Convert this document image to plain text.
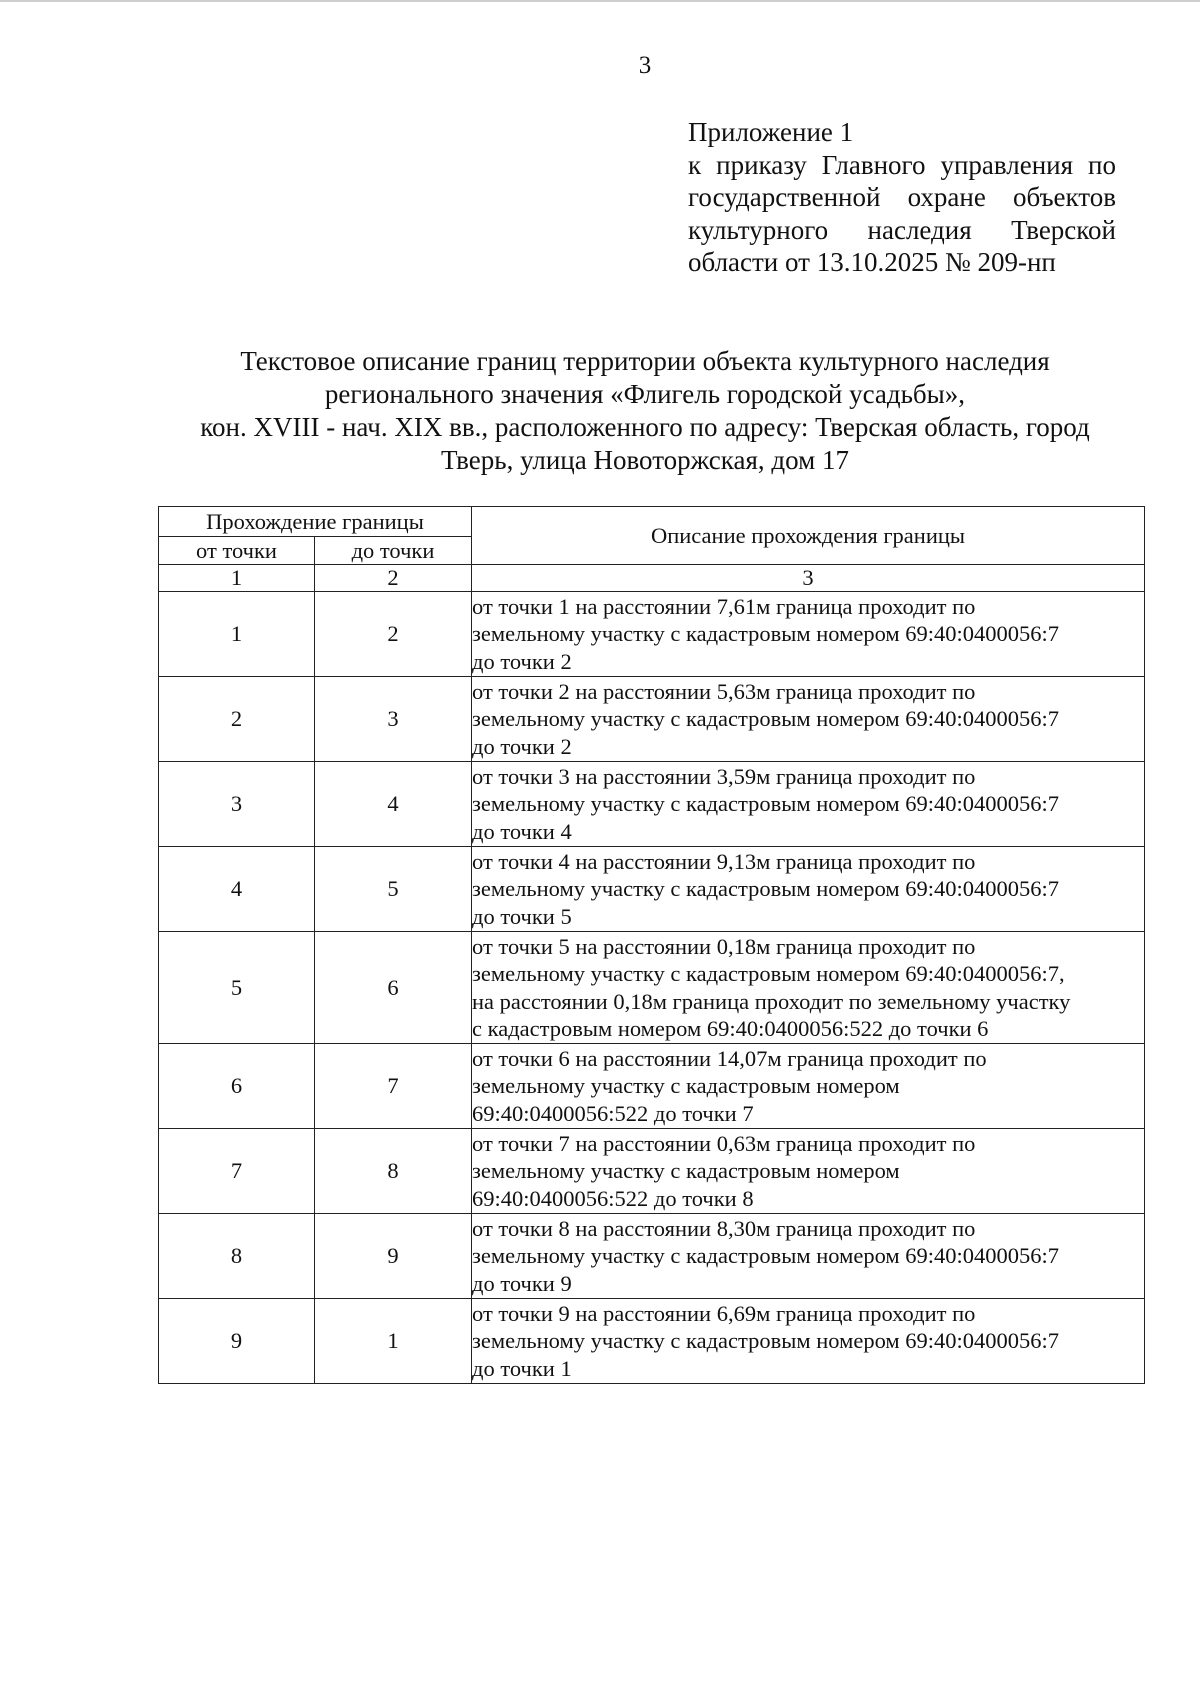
3
Приложение 1
к приказу Главного управления по
государственной охране объектов
культурного наследия Тверской
области от 13.10.2025 № 209-нп
Текстовое описание границ территории объекта культурного наследия
регионального значения «Флигель городской усадьбы»,
кон. XVIII - нач. XIX вв., расположенного по адресу: Тверская область, город
Тверь, улица Новоторжская, дом 17
Прохождение границы		Описание прохождения границы
от точки	до точки	
1	2	3
1	2	от точки 1 на расстоянии 7,61м граница проходит по
земельному участку с кадастровым номером 69:40:0400056:7
до точки 2

2	3	от точки 2 на расстоянии 5,63м граница проходит по
земельному участку с кадастровым номером 69:40:0400056:7
до точки 2

3	4	от точки 3 на расстоянии 3,59м граница проходит по
земельному участку с кадастровым номером 69:40:0400056:7
до точки 4

4	5	от точки 4 на расстоянии 9,13м граница проходит по
земельному участку с кадастровым номером 69:40:0400056:7
до точки 5

5	6	от точки 5 на расстоянии 0,18м граница проходит по
земельному участку с кадастровым номером 69:40:0400056:7,
на расстоянии 0,18м граница проходит по земельному участку
с кадастровым номером 69:40:0400056:522 до точки 6

6	7	от точки 6 на расстоянии 14,07м граница проходит по
земельному участку с кадастровым номером
69:40:0400056:522 до точки 7

7	8	от точки 7 на расстоянии 0,63м граница проходит по
земельному участку с кадастровым номером
69:40:0400056:522 до точки 8

8	9	от точки 8 на расстоянии 8,30м граница проходит по
земельному участку с кадастровым номером 69:40:0400056:7
до точки 9

9	1	от точки 9 на расстоянии 6,69м граница проходит по
земельному участку с кадастровым номером 69:40:0400056:7
до точки 1
